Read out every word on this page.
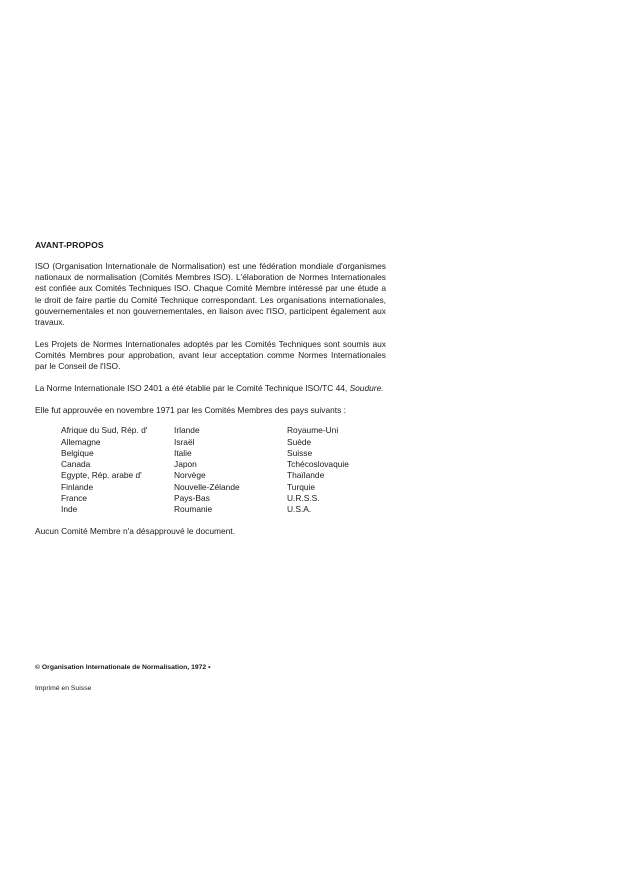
AVANT-PROPOS

ISO (Organisation Internationale de Normalisation) est une fédération mondiale d'organismes nationaux de normalisation (Comités Membres ISO). L'élaboration de Normes Internationales est confiée aux Comités Techniques ISO. Chaque Comité Membre intéressé par une étude a le droit de faire partie du Comité Technique correspondant. Les organisations internationales, gouvernementales et non gouvernementales, en liaison avec l'ISO, participent également aux travaux.

Les Projets de Normes Internationales adoptés par les Comités Techniques sont soumis aux Comités Membres pour approbation, avant leur acceptation comme Normes Internationales par le Conseil de l'ISO.

La Norme Internationale ISO 2401 a été établie par le Comité Technique ISO/TC 44, Soudure.

Elle fut approuvée en novembre 1971 par les Comités Membres des pays suivants :

Afrique du Sud, Rép. d'
Allemagne
Belgique
Canada
Egypte, Rép. arabe d'
Finlande
France
Inde
Irlande
Israël
Italie
Japon
Norvège
Nouvelle-Zélande
Pays-Bas
Roumanie
Royaume-Uni
Suède
Suisse
Tchécoslovaquie
Thaïlande
Turquie
U.R.S.S.
U.S.A.

Aucun Comité Membre n'a désapprouvé le document.

© Organisation Internationale de Normalisation, 1972 •
Imprimé en Suisse
